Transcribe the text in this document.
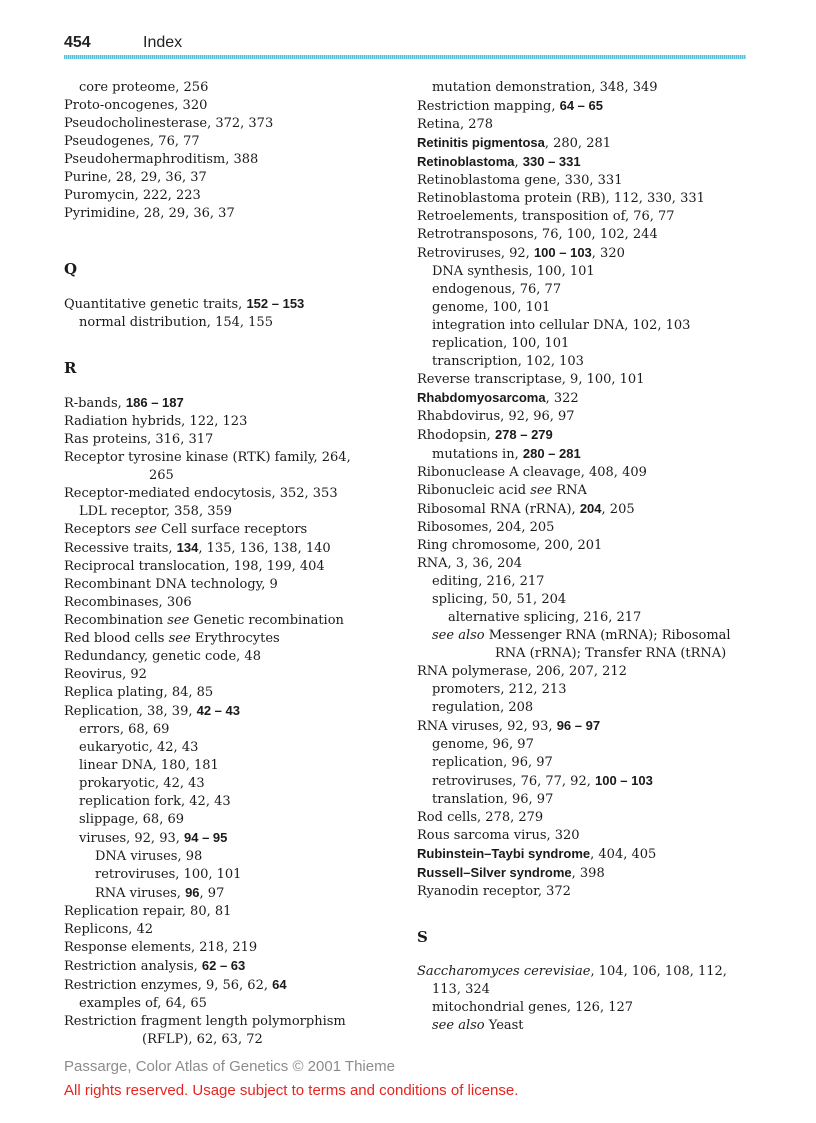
454	Index
core proteome, 256
Proto-oncogenes, 320
Pseudocholinesterase, 372, 373
Pseudogenes, 76, 77
Pseudohermaphroditism, 388
Purine, 28, 29, 36, 37
Puromycin, 222, 223
Pyrimidine, 28, 29, 36, 37
Q
Quantitative genetic traits, 152 – 153
normal distribution, 154, 155
R
R-bands, 186 – 187
Radiation hybrids, 122, 123
Ras proteins, 316, 317
Receptor tyrosine kinase (RTK) family, 264,
265
Receptor-mediated endocytosis, 352, 353
LDL receptor, 358, 359
Receptors see Cell surface receptors
Recessive traits, 134, 135, 136, 138, 140
Reciprocal translocation, 198, 199, 404
Recombinant DNA technology, 9
Recombinases, 306
Recombination see Genetic recombination
Red blood cells see Erythrocytes
Redundancy, genetic code, 48
Reovirus, 92
Replica plating, 84, 85
Replication, 38, 39, 42 – 43
errors, 68, 69
eukaryotic, 42, 43
linear DNA, 180, 181
prokaryotic, 42, 43
replication fork, 42, 43
slippage, 68, 69
viruses, 92, 93, 94 – 95
DNA viruses, 98
retroviruses, 100, 101
RNA viruses, 96, 97
Replication repair, 80, 81
Replicons, 42
Response elements, 218, 219
Restriction analysis, 62 – 63
Restriction enzymes, 9, 56, 62, 64
examples of, 64, 65
Restriction fragment length polymorphism
(RFLP), 62, 63, 72
mutation demonstration, 348, 349
Restriction mapping, 64 – 65
Retina, 278
Retinitis pigmentosa, 280, 281
Retinoblastoma, 330 – 331
Retinoblastoma gene, 330, 331
Retinoblastoma protein (RB), 112, 330, 331
Retroelements, transposition of, 76, 77
Retrotransposons, 76, 100, 102, 244
Retroviruses, 92, 100 – 103, 320
DNA synthesis, 100, 101
endogenous, 76, 77
genome, 100, 101
integration into cellular DNA, 102, 103
replication, 100, 101
transcription, 102, 103
Reverse transcriptase, 9, 100, 101
Rhabdomyosarcoma, 322
Rhabdovirus, 92, 96, 97
Rhodopsin, 278 – 279
mutations in, 280 – 281
Ribonuclease A cleavage, 408, 409
Ribonucleic acid see RNA
Ribosomal RNA (rRNA), 204, 205
Ribosomes, 204, 205
Ring chromosome, 200, 201
RNA, 3, 36, 204
editing, 216, 217
splicing, 50, 51, 204
alternative splicing, 216, 217
see also Messenger RNA (mRNA); Ribosomal
RNA (rRNA); Transfer RNA (tRNA)
RNA polymerase, 206, 207, 212
promoters, 212, 213
regulation, 208
RNA viruses, 92, 93, 96 – 97
genome, 96, 97
replication, 96, 97
retroviruses, 76, 77, 92, 100 – 103
translation, 96, 97
Rod cells, 278, 279
Rous sarcoma virus, 320
Rubinstein–Taybi syndrome, 404, 405
Russell–Silver syndrome, 398
Ryanodin receptor, 372
S
Saccharomyces cerevisiae, 104, 106, 108, 112,
113, 324
mitochondrial genes, 126, 127
see also Yeast
Passarge, Color Atlas of Genetics © 2001 Thieme
All rights reserved. Usage subject to terms and conditions of license.
